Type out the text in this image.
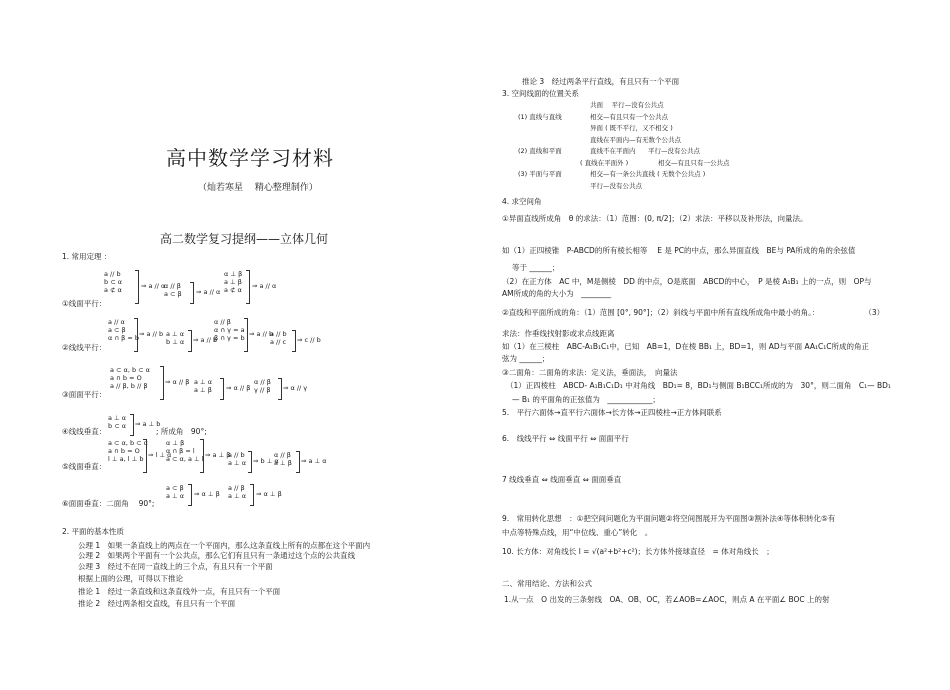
高中数学学习材料
（灿若寒星　 精心整理制作）
高二数学复习提纲——立体几何
1. 常用定理 ：
①线面平行：
a // b
b ⊂ α
a ⊄ α
⇒ a // α
α // β
a ⊂ β ⇒ a // α
α ⊥ β
a ⊥ β
a ⊄ α
⇒ a // α
②线线平行：
a // α
a ⊂ β
α ∩ β = b
⇒ a // b a ⊥ α
b ⊥ α ⇒ a // b
α // β
α ∩ γ = a
β ∩ γ = b
⇒ a // b
a // b
a // c ⇒ c // b
③面面平行：
a ⊂ α, b ⊂ α
a ∩ b = O
a // β, b // β
⇒ α // β a ⊥ α
a ⊥ β ⇒ α // β
α // β
γ // β ⇒ α // γ
④线线垂直：
a ⊥ α
b ⊂ α ⇒ a ⊥ b
; 所成角　90°;
⑤线面垂直：
a ⊂ α, b ⊂ α
a ∩ b = O
l ⊥ a, l ⊥ b
⇒ l ⊥ α
α ⊥ β
α ∩ β = l
a ⊂ α, a ⊥ l
⇒ a ⊥ β
a // b
a ⊥ α ⇒ b ⊥ α
α // β
a ⊥ β ⇒ a ⊥ α
⑥面面垂直：二面角　 90°;
a ⊂ β
a ⊥ α ⇒ α ⊥ β
a // β
a ⊥ α ⇒ α ⊥ β
2. 平面的基本性质
公理 1　如果一条直线上的两点在一个平面内，那么这条直线上所有的点都在这个平面内
公理 2　如果两个平面有一个公共点，那么它们有且只有一条通过这个点的公共直线
公理 3　经过不在同一直线上的三个点，有且只有一个平面
根据上面的公理，可得以下推论
推论 1　经过一条直线和这条直线外一点，有且只有一个平面
推论 2　经过两条相交直线，有且只有一个平面
推论 3　经过两条平行直线，有且只有一个平面
3. 空间线面的位置关系
共面　 平行—没有公共点
(1) 直线与直线	相交—有且只有一个公共点
异面 ( 既不平行，又不相交 )
直线在平面内—有无数个公共点
(2) 直线和平面	直线不在平面内 平行—没有公共点
( 直线在平面外 )	相交—有且只有一公共点
(3) 平面与平面	相交—有一条公共直线 ( 无数个公共点 )
平行—没有公共点
4. 求空间角
①异面直线所成角　θ 的求法：（1）范围：(0, π/2]；（2）求法：平移以及补形法，向量法。
如（1）正四棱锥　P-ABCD的所有棱长相等　 E 是 PC的中点，那么异面直线　BE与 PA所成的角的余弦值
等于 ______；
（2）在正方体　AC 中，M是侧棱　DD 的中点，O是底面　ABCD的中心，　P 是棱 A₁B₁ 上的一点，则　OP与
AM所成的角的大小为　________
②直线和平面所成的角：（1）范围 [0°, 90°]；（2）斜线与平面中所有直线所成角中最小的角。：　　　　　　　（3）
求法：作垂线找射影或求点线距离
如（1）在三棱柱　ABC-A₁B₁C₁中，已知　AB=1，D在棱 BB₁ 上，BD=1，则 AD与平面 AA₁C₁C所成的角正
弦为 ______；
③二面角：二面角的求法：定义法，垂面法，　向量法
（1）正四棱柱　ABCD- A₁B₁C₁D₁ 中对角线　BD₁= 8，BD₁与侧面 B₁BCC₁所成的为　30°，则二面角　C₁— BD₁
— B₁ 的平面角的正弦值为　____________；
5.　平行六面体→直平行六面体→长方体→正四棱柱→正方体间联系
6.　线线平行 ⇔ 线面平行 ⇔ 面面平行
7 线线垂直 ⇔ 线面垂直 ⇔ 面面垂直
9.　常用转化思想　：①把空间问题化为平面问题②将空间图展开为平面图③割补法④等体积转化⑤有
中点等特殊点线，用“中位线、重心”转化　。
10. 长方体：对角线长 l = √(a²+b²+c²)；长方体外接球直径　= 体对角线长　；
二、常用结论、方法和公式
1.从一点　O 出发的三条射线　OA、OB、OC，若∠AOB=∠AOC，则点 A 在平面∠ BOC 上的射
